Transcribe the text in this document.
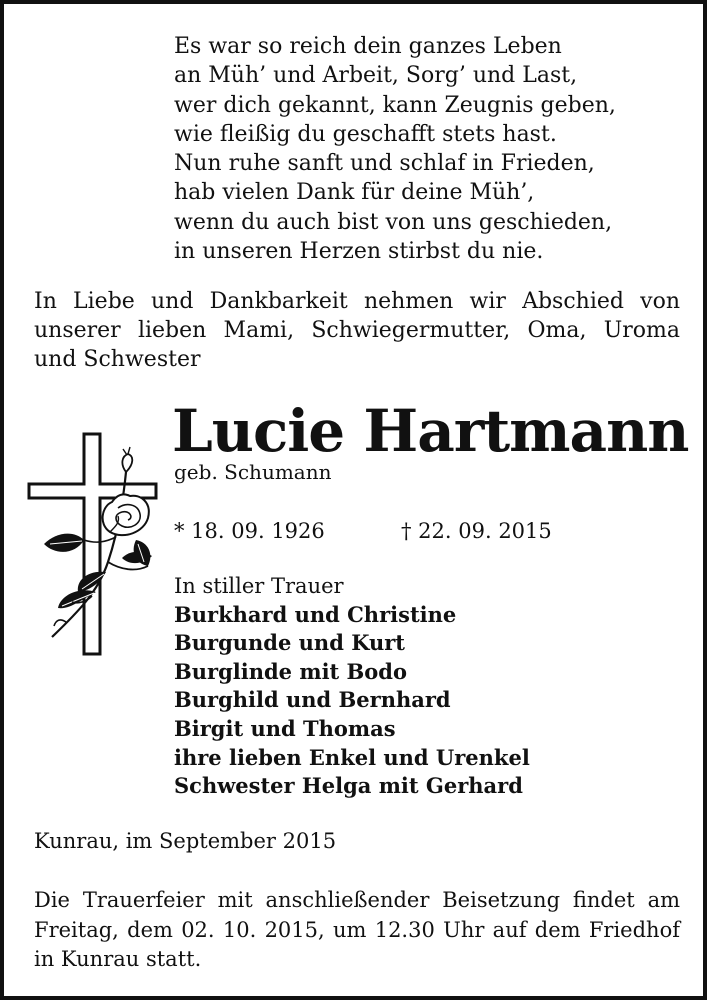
Es war so reich dein ganzes Leben
an Müh’ und Arbeit, Sorg’ und Last,
wer dich gekannt, kann Zeugnis geben,
wie fleißig du geschafft stets hast.
Nun ruhe sanft und schlaf in Frieden,
hab vielen Dank für deine Müh’,
wenn du auch bist von uns geschieden,
in unseren Herzen stirbst du nie.
In Liebe und Dankbarkeit nehmen wir Abschied von
unserer lieben Mami, Schwiegermutter, Oma, Uroma
und Schwester
Lucie Hartmann
geb. Schumann
* 18. 09. 1926	† 22. 09. 2015
In stiller Trauer
Burkhard und Christine
Burgunde und Kurt
Burglinde mit Bodo
Burghild und Bernhard
Birgit und Thomas
ihre lieben Enkel und Urenkel
Schwester Helga mit Gerhard
Kunrau, im September 2015
Die Trauerfeier mit anschließender Beisetzung findet am
Freitag, dem 02. 10. 2015, um 12.30 Uhr auf dem Friedhof
in Kunrau statt.
